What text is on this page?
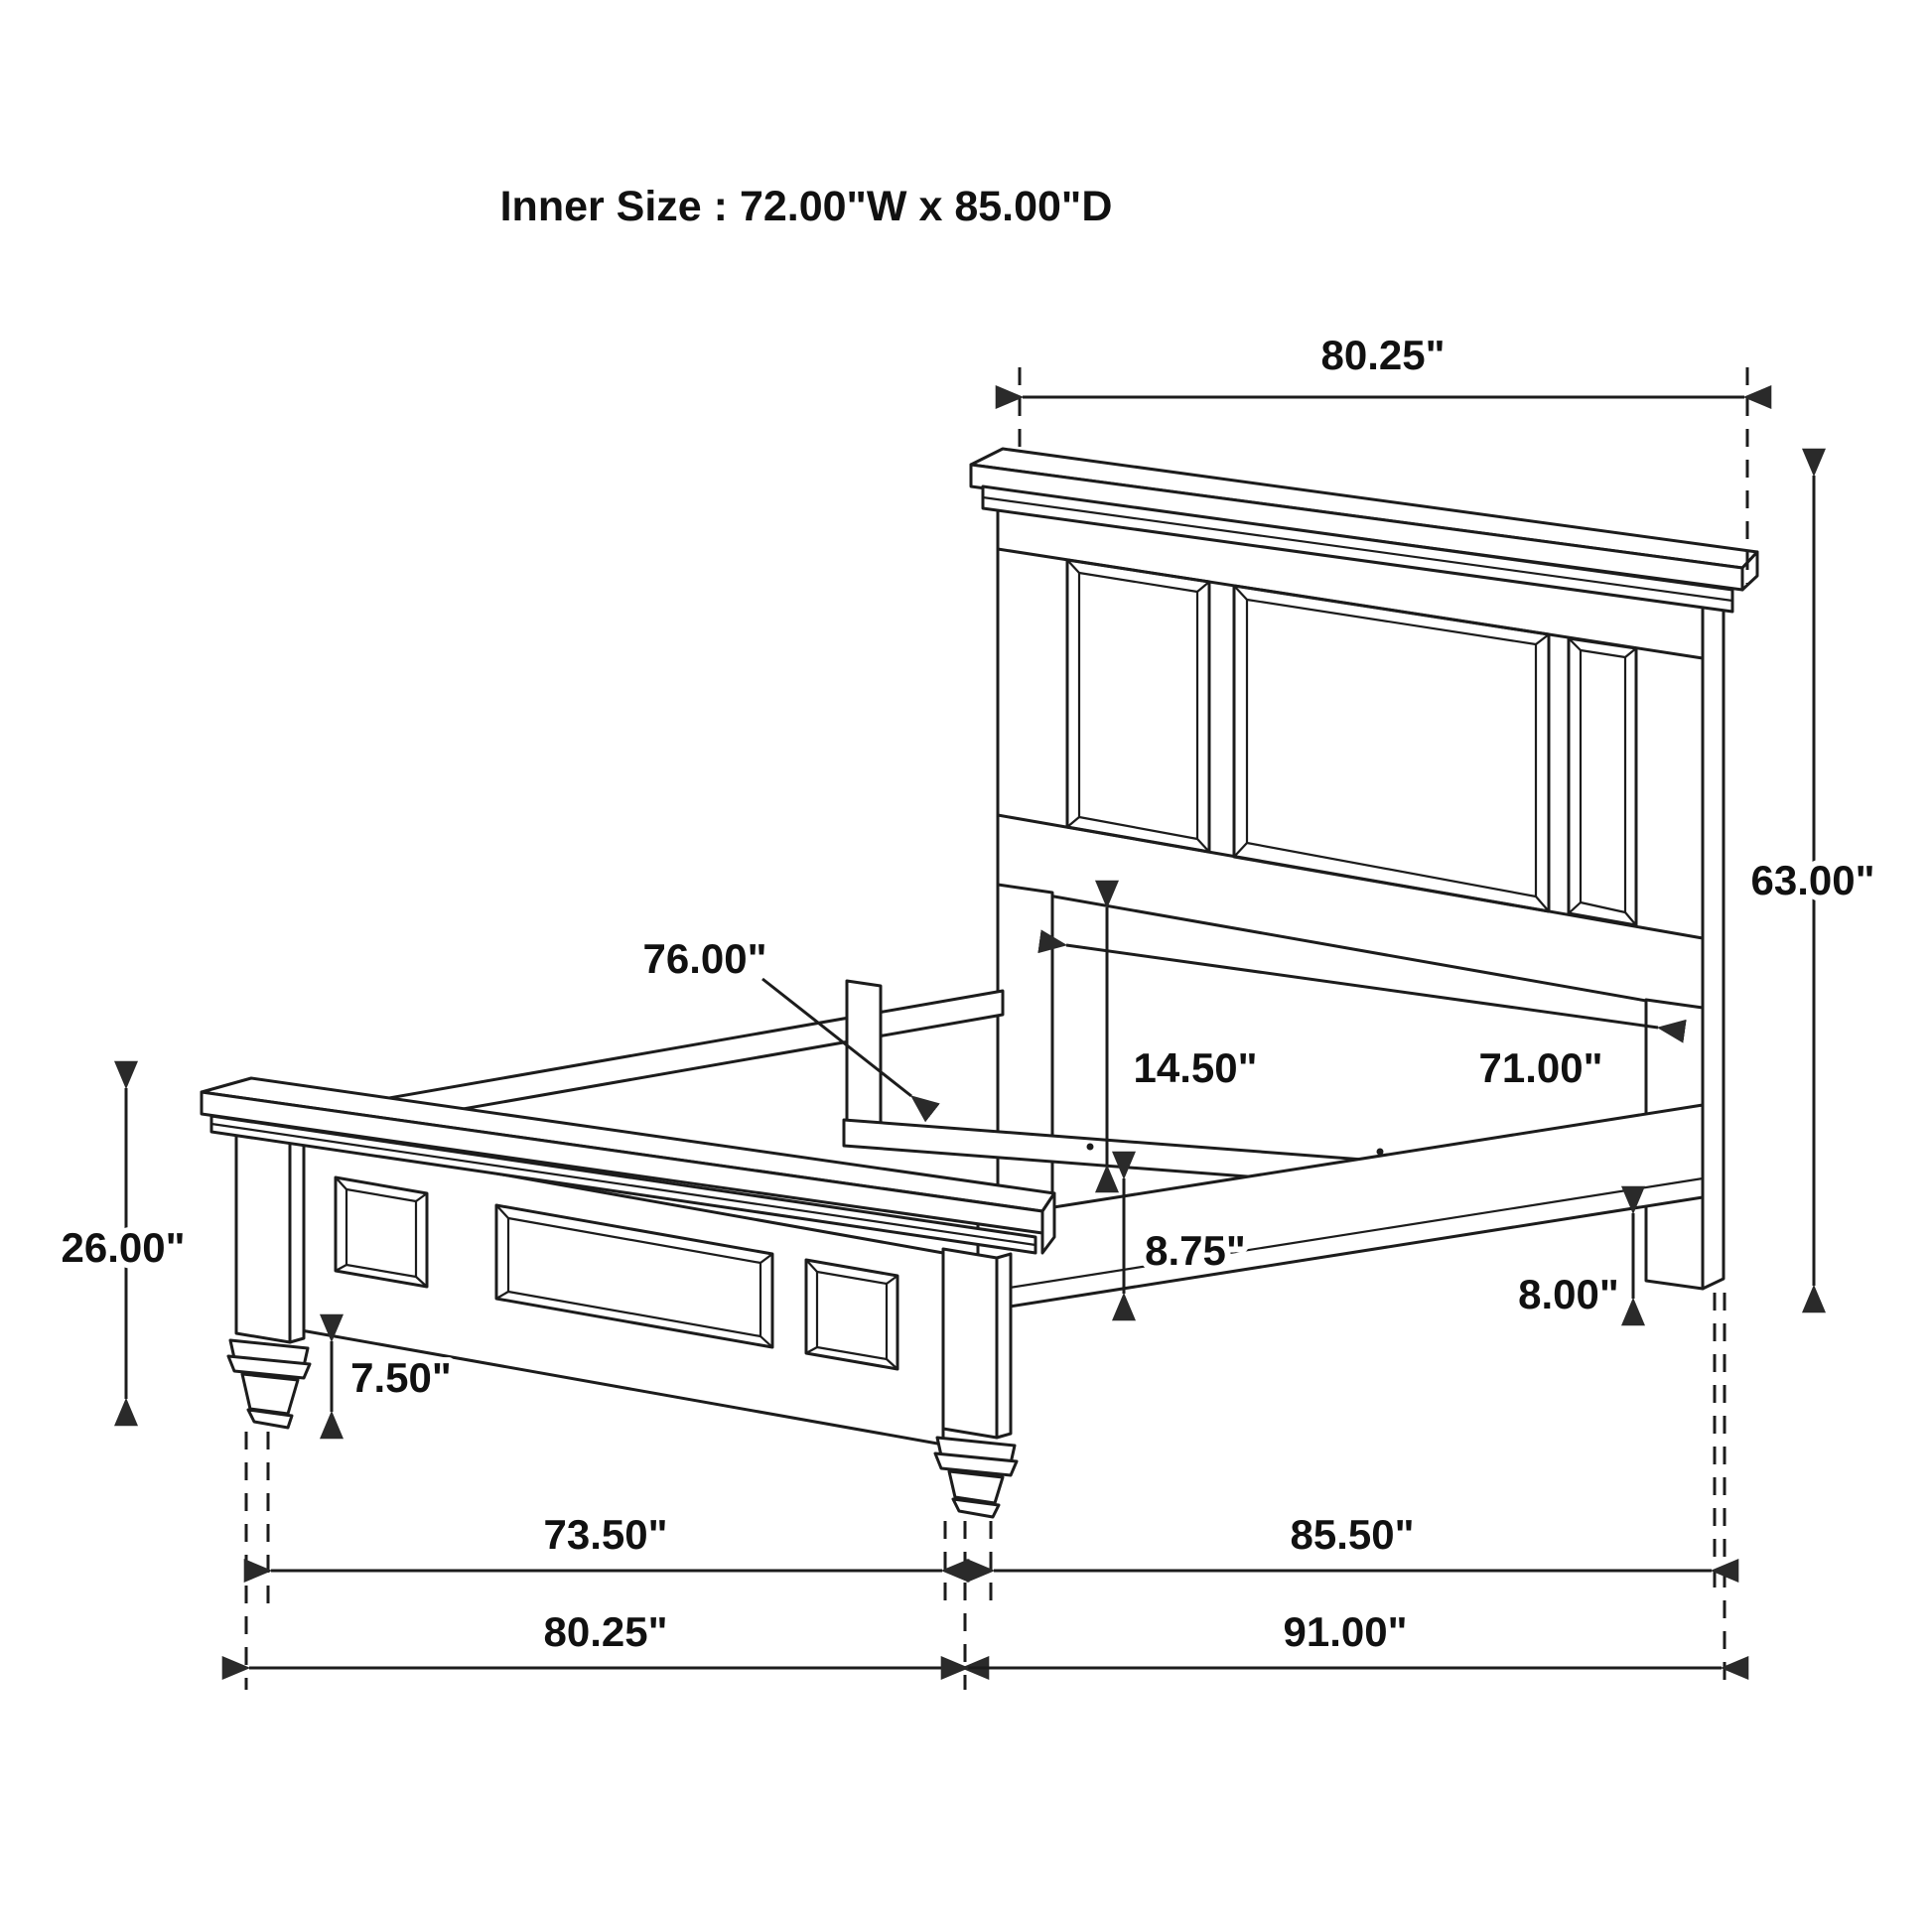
Inner Size : 72.00"W x 85.00"D
80.25"
63.00"
71.00"
14.50"
8.75"
8.00"
76.00"
26.00"
7.50"
73.50"	85.50"
80.25"	91.00"
